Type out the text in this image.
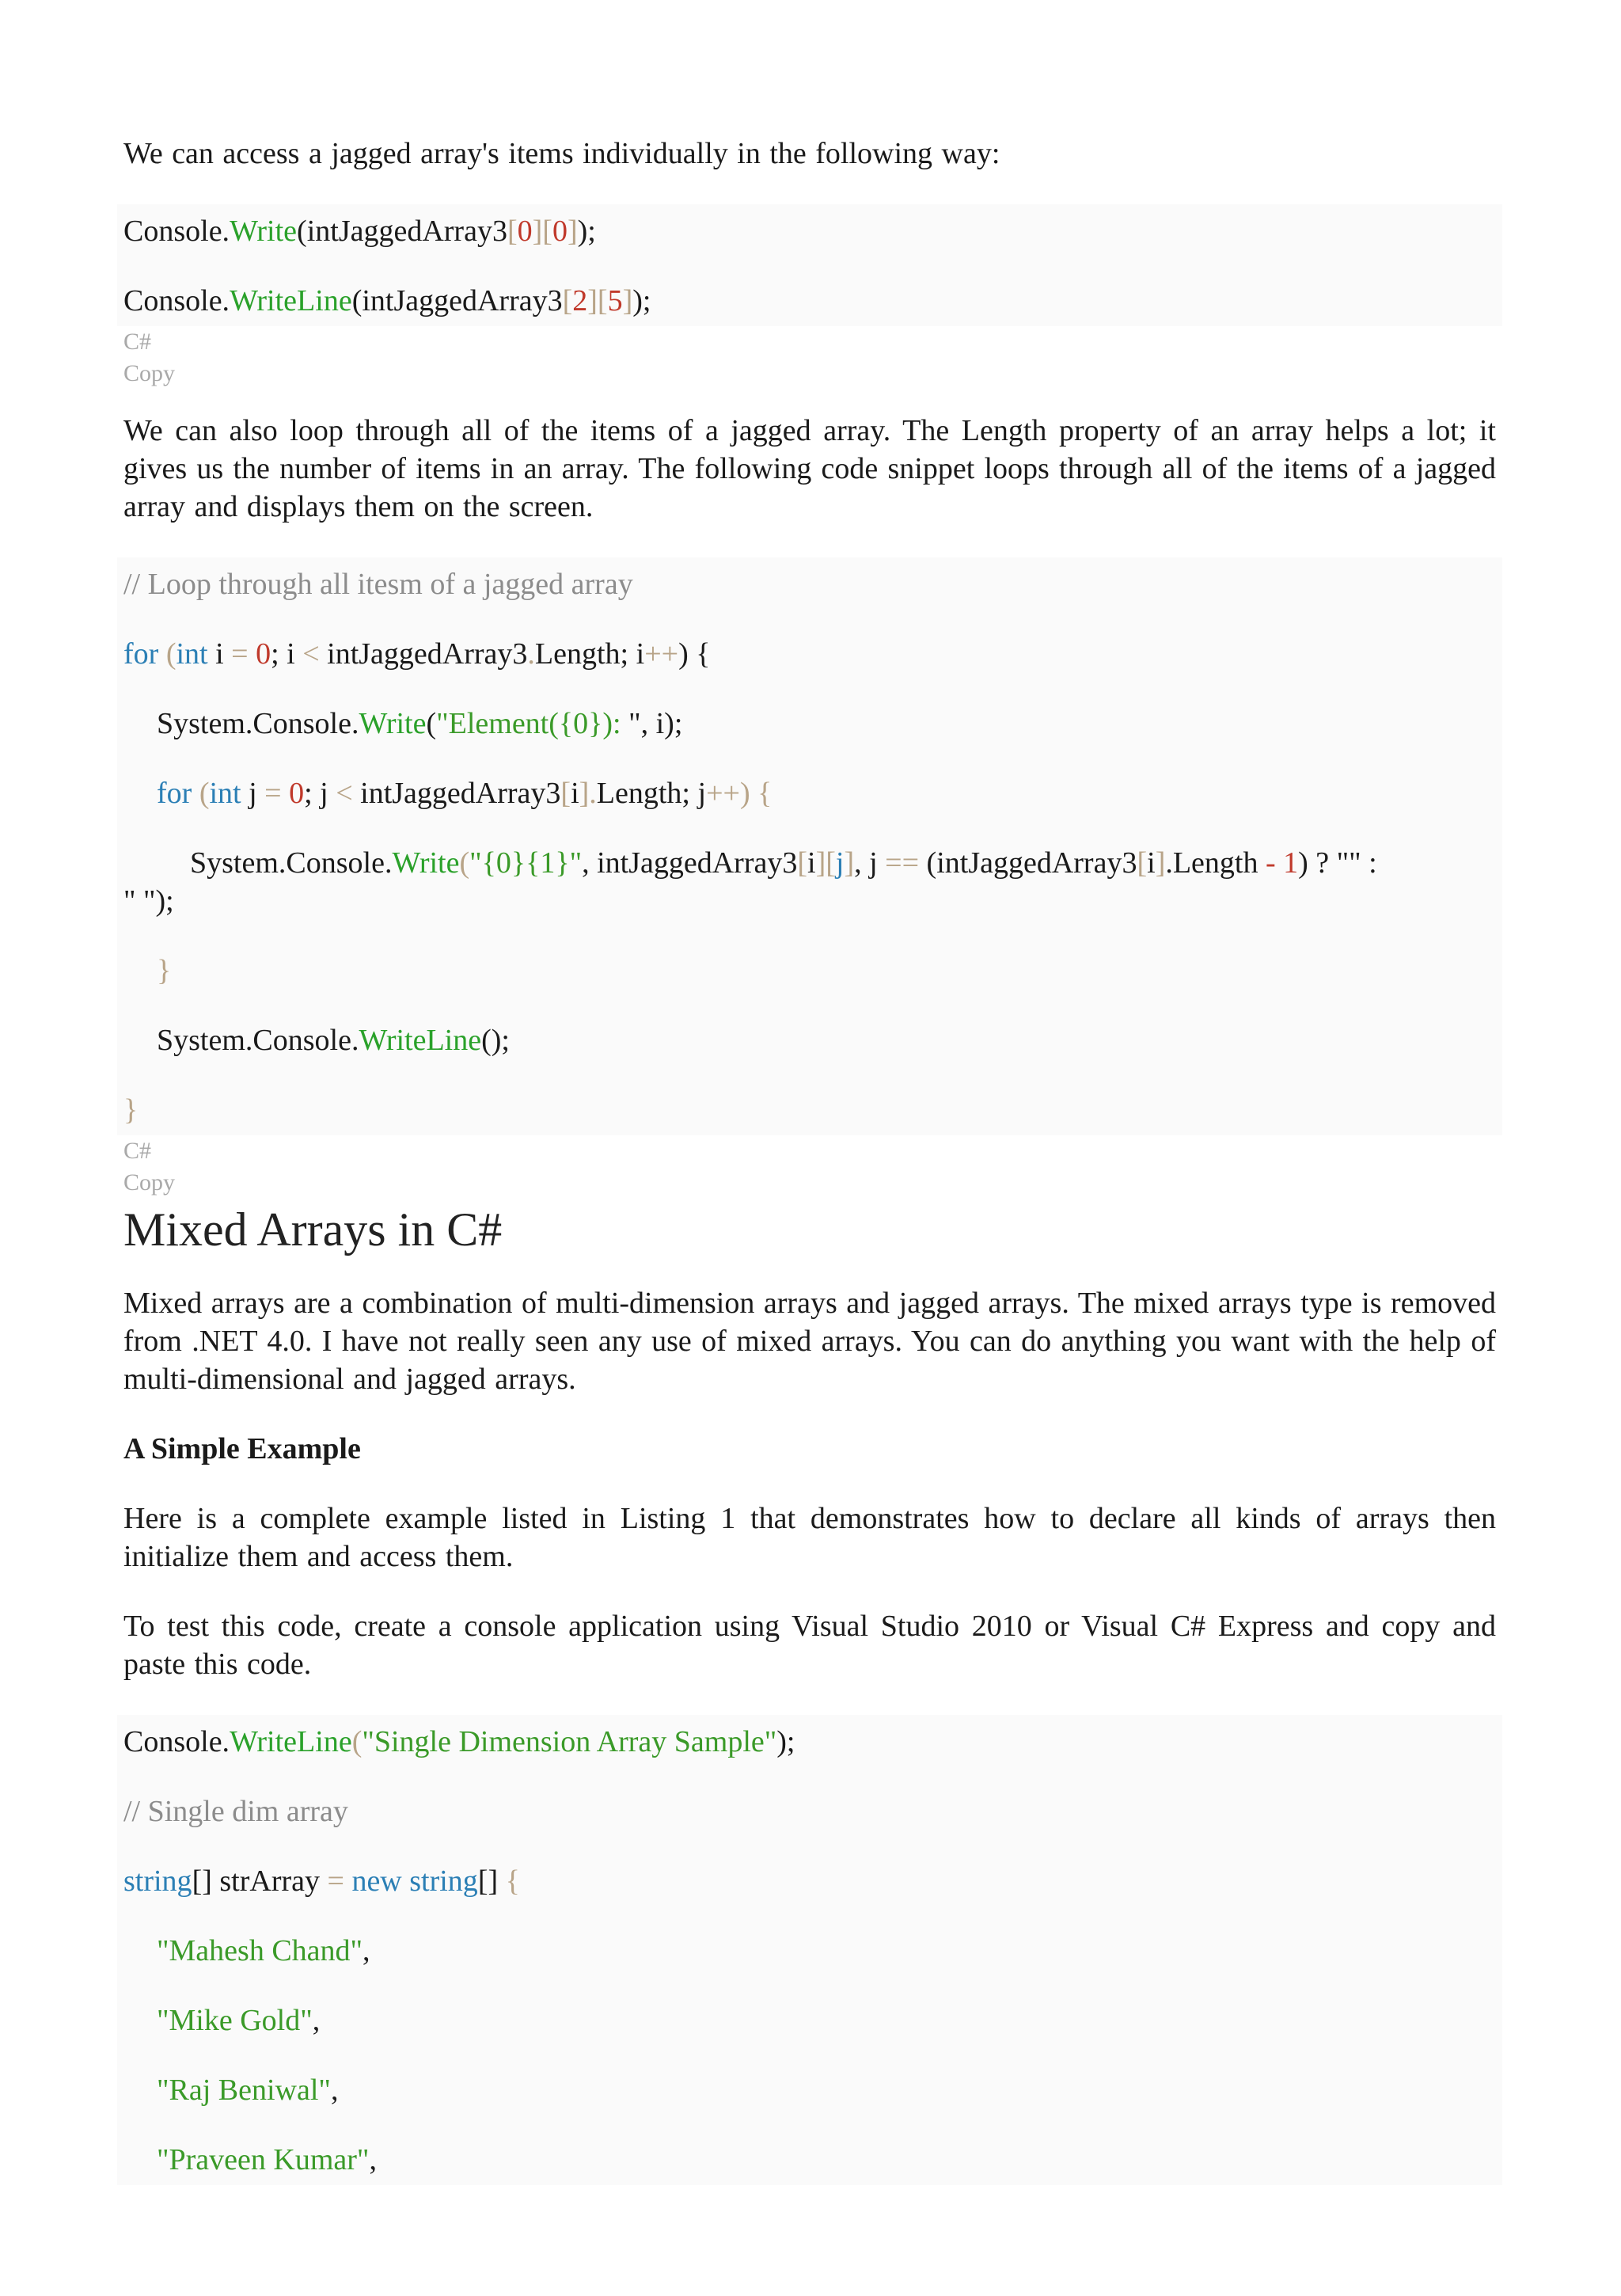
We can access a jagged array's items individually in the following way:

Console.Write(intJaggedArray3[0][0]);
Console.WriteLine(intJaggedArray3[2][5]);
C#
Copy

We can also loop through all of the items of a jagged array. The Length property of an array helps a lot; it gives us the number of items in an array. The following code snippet loops through all of the items of a jagged array and displays them on the screen.

// Loop through all itesm of a jagged array
for (int i = 0; i < intJaggedArray3.Length; i++) {
System.Console.Write("Element({0}): ", i);
for (int j = 0; j < intJaggedArray3[i].Length; j++) {
System.Console.Write("{0}{1}", intJaggedArray3[i][j], j == (intJaggedArray3[i].Length - 1) ? "" :
" ");
}
System.Console.WriteLine();
}
C#
Copy
Mixed Arrays in C#

Mixed arrays are a combination of multi-dimension arrays and jagged arrays. The mixed arrays type is removed from .NET 4.0. I have not really seen any use of mixed arrays. You can do anything you want with the help of multi-dimensional and jagged arrays.

A Simple Example

Here is a complete example listed in Listing 1 that demonstrates how to declare all kinds of arrays then initialize them and access them.

To test this code, create a console application using Visual Studio 2010 or Visual C# Express and copy and paste this code.

Console.WriteLine("Single Dimension Array Sample");
// Single dim array
string[] strArray = new string[] {
"Mahesh Chand",
"Mike Gold",
"Raj Beniwal",
"Praveen Kumar",
